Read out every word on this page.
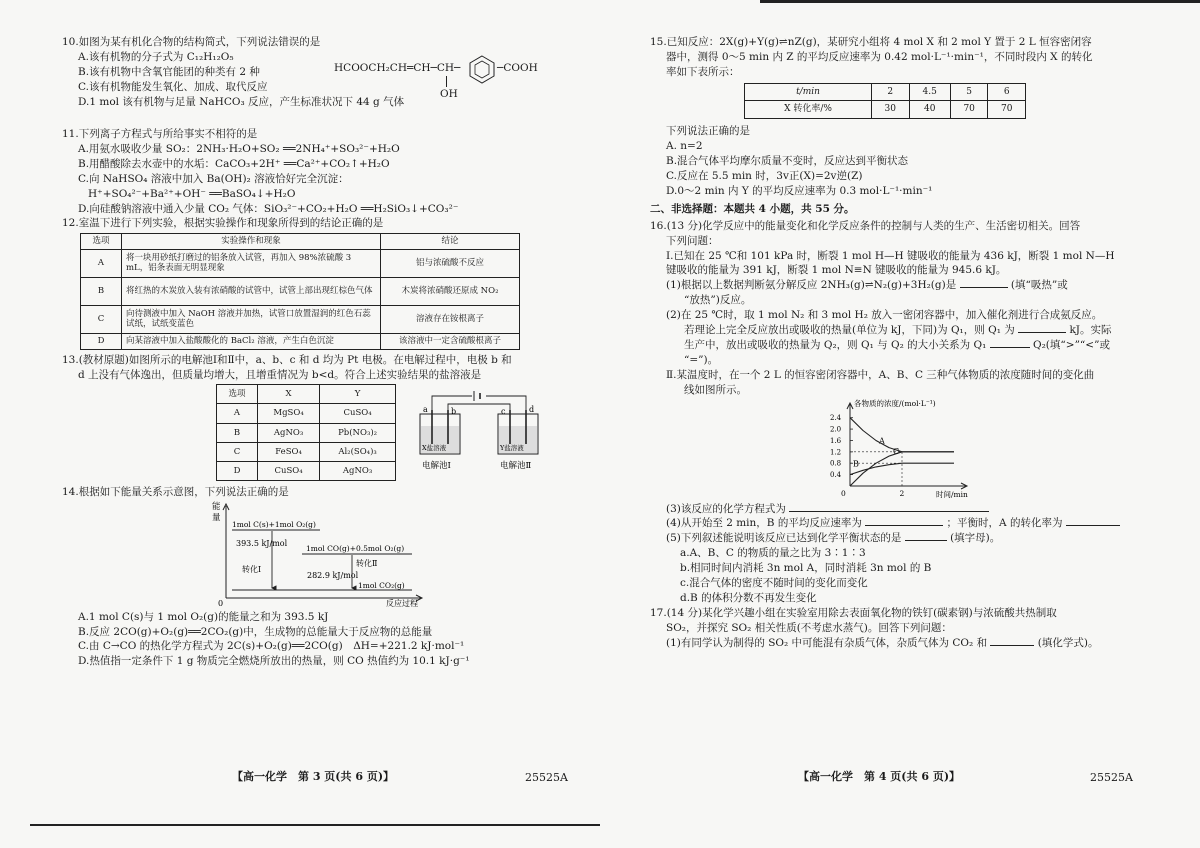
10.如图为某有机化合物的结构简式，下列说法错误的是
A.该有机物的分子式为 C₁₂H₁₂O₅
B.该有机物中含氧官能团的种类有 2 种
C.该有机物能发生氧化、加成、取代反应
D.1 mol 该有机物与足量 NaHCO₃ 反应，产生标准状况下 44 g 气体
HCOOCH₂CH═CH─CH─	─COOH
OH
11.下列离子方程式与所给事实不相符的是
A.用氨水吸收少量 SO₂：2NH₃·H₂O+SO₂ ══2NH₄⁺+SO₃²⁻+H₂O
B.用醋酸除去水壶中的水垢：CaCO₃+2H⁺ ══Ca²⁺+CO₂↑+H₂O
C.向 NaHSO₄ 溶液中加入 Ba(OH)₂ 溶液恰好完全沉淀：
H⁺+SO₄²⁻+Ba²⁺+OH⁻ ══BaSO₄↓+H₂O
D.向硅酸钠溶液中通入少量 CO₂ 气体：SiO₃²⁻+CO₂+H₂O ══H₂SiO₃↓+CO₃²⁻
12.室温下进行下列实验，根据实验操作和现象所得到的结论正确的是
选项	实验操作和现象	结论
A	将一块用砂纸打磨过的铝条放入试管，再加入 98%浓硫酸 3 mL，铝条表面无明显现象	铝与浓硫酸不反应
B	将红热的木炭放入装有浓硝酸的试管中，试管上部出现红棕色气体	木炭将浓硝酸还原成 NO₂
C	向待测液中加入 NaOH 溶液并加热，试管口放置湿润的红色石蕊试纸，试纸变蓝色	溶液存在铵根离子
D	向某溶液中加入盐酸酸化的 BaCl₂ 溶液，产生白色沉淀	该溶液中一定含硫酸根离子
13.(教材原题)如图所示的电解池Ⅰ和Ⅱ中，a、b、c 和 d 均为 Pt 电极。在电解过程中，电极 b 和
d 上没有气体逸出，但质量均增大，且增重情况为 b<d。符合上述实验结果的盐溶液是
选项	X	Y
A	MgSO₄	CuSO₄
B	AgNO₃	Pb(NO₃)₂
C	FeSO₄	Al₂(SO₄)₃
D	CuSO₄	AgNO₃
a	b	c	d
X盐溶液	Y盐溶液
电解池Ⅰ	电解池Ⅱ
14.根据如下能量关系示意图，下列说法正确的是
能
量
0	反应过程
1mol C(s)+1mol O₂(g)
1mol CO(g)+0.5mol O₂(g)
1mol CO₂(g)
393.5 kJ/mol
转化Ⅰ
转化Ⅱ
282.9 kJ/mol
A.1 mol C(s)与 1 mol O₂(g)的能量之和为 393.5 kJ
B.反应 2CO(g)+O₂(g)══2CO₂(g)中，生成物的总能量大于反应物的总能量
C.由 C→CO 的热化学方程式为 2C(s)+O₂(g)══2CO(g)　ΔH=+221.2 kJ·mol⁻¹
D.热值指一定条件下 1 g 物质完全燃烧所放出的热量，则 CO 热值约为 10.1 kJ·g⁻¹
【高一化学　第 3 页(共 6 页)】	25525A
15.已知反应：2X(g)+Y(g)⇌nZ(g)，某研究小组将 4 mol X 和 2 mol Y 置于 2 L 恒容密闭容
器中，测得 0～5 min 内 Z 的平均反应速率为 0.42 mol·L⁻¹·min⁻¹，不同时段内 X 的转化
率如下表所示：
t/min	2	4.5	5	6
X 转化率/%	30	40	70	70
下列说法正确的是
A. n=2
B.混合气体平均摩尔质量不变时，反应达到平衡状态
C.反应在 5.5 min 时，3v正(X)=2v逆(Z)
D.0～2 min 内 Y 的平均反应速率为 0.3 mol·L⁻¹·min⁻¹
二、非选择题：本题共 4 小题，共 55 分。
16.(13 分)化学反应中的能量变化和化学反应条件的控制与人类的生产、生活密切相关。回答
下列问题：
Ⅰ.已知在 25 ℃和 101 kPa 时，断裂 1 mol H—H 键吸收的能量为 436 kJ，断裂 1 mol N—H
键吸收的能量为 391 kJ，断裂 1 mol N≡N 键吸收的能量为 945.6 kJ。
(1)根据以上数据判断氨分解反应 2NH₃(g)⇌N₂(g)+3H₂(g)是	(填“吸热”或
“放热”)反应。
(2)在 25 ℃时，取 1 mol N₂ 和 3 mol H₂ 放入一密闭容器中，加入催化剂进行合成氨反应。
若理论上完全反应放出或吸收的热量(单位为 kJ，下同)为 Q₁，则 Q₁ 为	kJ。实际
生产中，放出或吸收的热量为 Q₂，则 Q₁ 与 Q₂ 的大小关系为 Q₁	Q₂(填“>”“<”或
“=”)。
Ⅱ.某温度时，在一个 2 L 的恒容密闭容器中，A、B、C 三种气体物质的浓度随时间的变化曲
线如图所示。
各物质的浓度/(mol·L⁻¹)
时间/min
0.4
0.8
1.2
1.6
2.0
2.4
0	2
A
B
C
(3)该反应的化学方程式为
(4)从开始至 2 min，B 的平均反应速率为	；平衡时，A 的转化率为
(5)下列叙述能说明该反应已达到化学平衡状态的是	(填字母)。
a.A、B、C 的物质的量之比为 3∶1∶3
b.相同时间内消耗 3n mol A，同时消耗 3n mol 的 B
c.混合气体的密度不随时间的变化而变化
d.B 的体积分数不再发生变化
17.(14 分)某化学兴趣小组在实验室用除去表面氧化物的铁钉(碳素钢)与浓硫酸共热制取
SO₂，并探究 SO₂ 相关性质(不考虑水蒸气)。回答下列问题：
(1)有同学认为制得的 SO₂ 中可能混有杂质气体，杂质气体为 CO₂ 和	(填化学式)。
【高一化学　第 4 页(共 6 页)】	25525A
